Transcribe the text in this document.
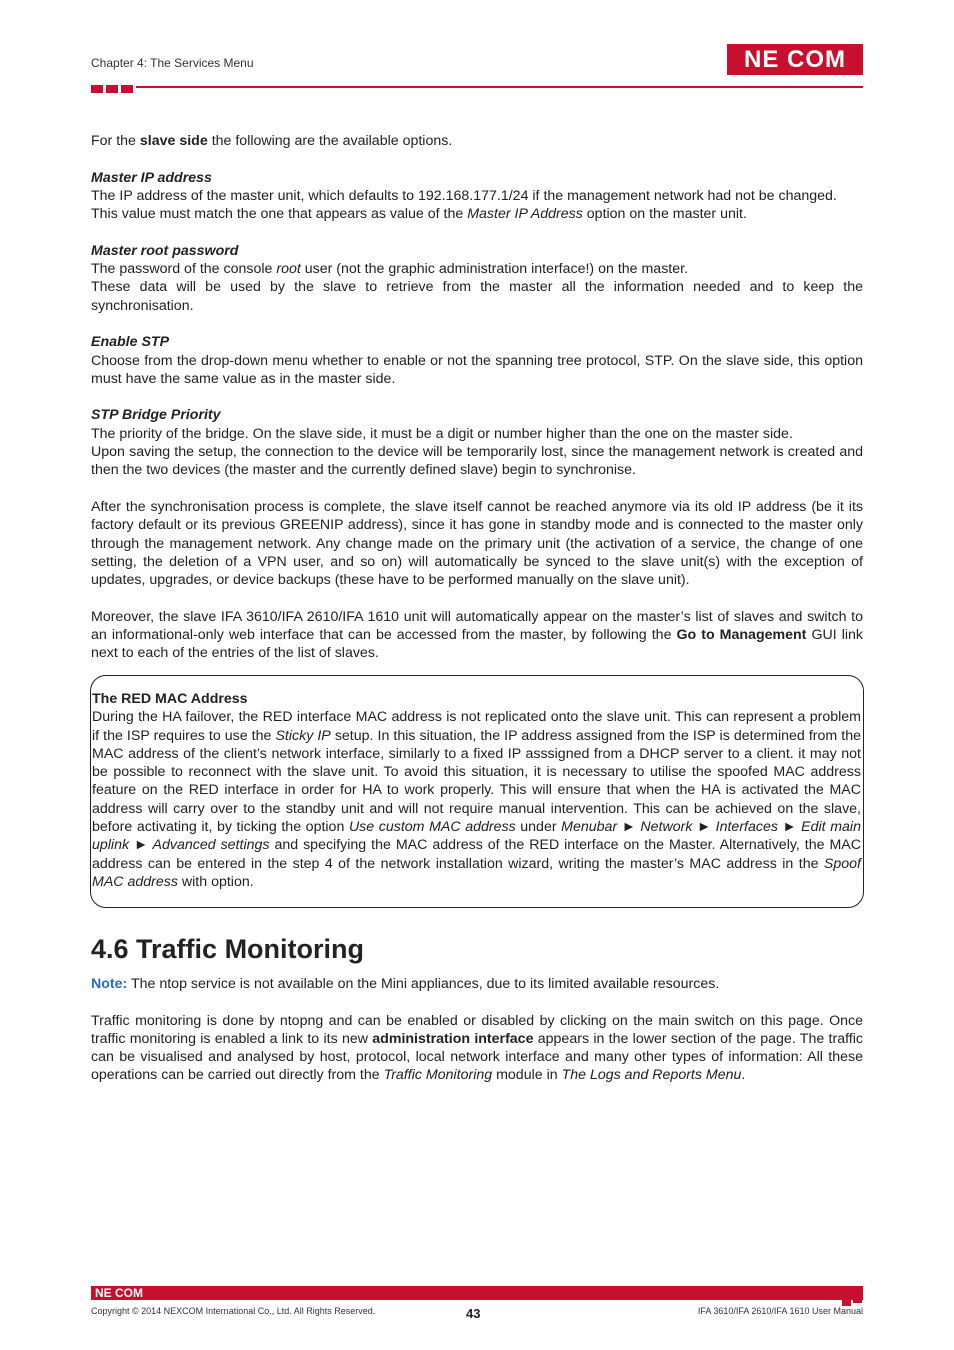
Chapter 4: The Services Menu	NE COM

For the slave side the following are the available options.

Master IP address

The IP address of the master unit, which defaults to 192.168.177.1/24 if the management network had not be changed.
This value must match the one that appears as value of the Master IP Address option on the master unit.

Master root password

The password of the console root user (not the graphic administration interface!) on the master.
These data will be used by the slave to retrieve from the master all the information needed and to keep the synchronisation.

Enable STP

Choose from the drop-down menu whether to enable or not the spanning tree protocol, STP. On the slave side, this option must have the same value as in the master side.

STP Bridge Priority

The priority of the bridge. On the slave side, it must be a digit or number higher than the one on the master side.
Upon saving the setup, the connection to the device will be temporarily lost, since the management network is created and then the two devices (the master and the currently defined slave) begin to synchronise.

After the synchronisation process is complete, the slave itself cannot be reached anymore via its old IP address (be it its factory default or its previous GREENIP address), since it has gone in standby mode and is connected to the master only through the management network. Any change made on the primary unit (the activation of a service, the change of one setting, the deletion of a VPN user, and so on) will automatically be synced to the slave unit(s) with the exception of updates, upgrades, or device backups (these have to be performed manually on the slave unit).

Moreover, the slave IFA 3610/IFA 2610/IFA 1610 unit will automatically appear on the master’s list of slaves and switch to an informational-only web interface that can be accessed from the master, by following the Go to Management GUI link next to each of the entries of the list of slaves.

The RED MAC Address

During the HA failover, the RED interface MAC address is not replicated onto the slave unit. This can represent a problem if the ISP requires to use the Sticky IP setup. In this situation, the IP address assigned from the ISP is determined from the MAC address of the client’s network interface, similarly to a fixed IP asssigned from a DHCP server to a client. it may not be possible to reconnect with the slave unit. To avoid this situation, it is necessary to utilise the spoofed MAC address feature on the RED interface in order for HA to work properly. This will ensure that when the HA is activated the MAC address will carry over to the standby unit and will not require manual intervention. This can be achieved on the slave, before activating it, by ticking the option Use custom MAC address under Menubar ► Network ► Interfaces ► Edit main uplink ► Advanced settings and specifying the MAC address of the RED interface on the Master. Alternatively, the MAC address can be entered in the step 4 of the network installation wizard, writing the master’s MAC address in the Spoof MAC address with option.

4.6 Traffic Monitoring

Note: The ntop service is not available on the Mini appliances, due to its limited available resources.

Traffic monitoring is done by ntopng and can be enabled or disabled by clicking on the main switch on this page. Once traffic monitoring is enabled a link to its new administration interface appears in the lower section of the page. The traffic can be visualised and analysed by host, protocol, local network interface and many other types of information: All these operations can be carried out directly from the Traffic Monitoring module in The Logs and Reports Menu.

NE COM
Copyright © 2014 NEXCOM International Co., Ltd. All Rights Reserved.	43	IFA 3610/IFA 2610/IFA 1610 User Manual
